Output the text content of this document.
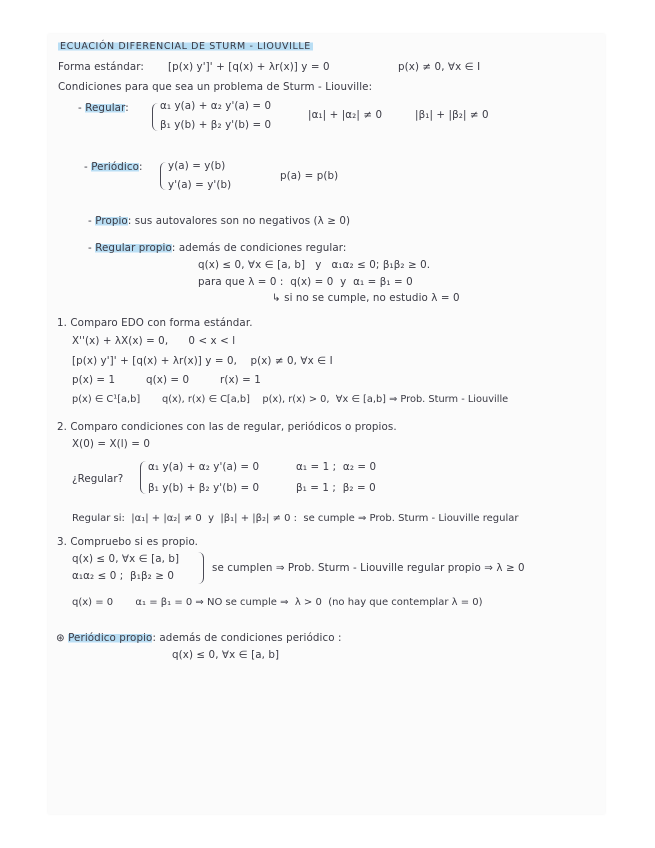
ECUACIÓN DIFERENCIAL DE STURM - LIOUVILLE
Forma estándar: [p(x) y']' + [q(x) + λr(x)] y = 0	p(x) ≠ 0, ∀x ∈ I
Condiciones para que sea un problema de Sturm - Liouville:
- Regular:	α₁ y(a) + α₂ y'(a) = 0
β₁ y(b) + β₂ y'(b) = 0
|α₁| + |α₂| ≠ 0	|β₁| + |β₂| ≠ 0
- Periódico: y(a) = y(b)
y'(a) = y'(b)
p(a) = p(b)
- Propio: sus autovalores son no negativos (λ ≥ 0)
- Regular propio: además de condiciones regular:
q(x) ≤ 0, ∀x ∈ [a, b]   y   α₁α₂ ≤ 0; β₁β₂ ≥ 0.
para que λ = 0 :  q(x) = 0  y  α₁ = β₁ = 0
↳ si no se cumple, no estudio λ = 0
1. Comparo EDO con forma estándar.
X''(x) + λX(x) = 0,      0 < x < l
[p(x) y']' + [q(x) + λr(x)] y = 0,    p(x) ≠ 0, ∀x ∈ I
p(x) = 1	q(x) = 0	r(x) = 1
p(x) ∈ C¹[a,b]       q(x), r(x) ∈ C[a,b]    p(x), r(x) > 0,  ∀x ∈ [a,b] ⇒ Prob. Sturm - Liouville
2. Comparo condiciones con las de regular, periódicos o propios.
X(0) = X(l) = 0
¿Regular?
α₁ y(a) + α₂ y'(a) = 0
β₁ y(b) + β₂ y'(b) = 0
α₁ = 1 ;  α₂ = 0
β₁ = 1 ;  β₂ = 0
Regular si:  |α₁| + |α₂| ≠ 0  y  |β₁| + |β₂| ≠ 0 :  se cumple ⇒ Prob. Sturm - Liouville regular
3. Compruebo si es propio.
q(x) ≤ 0, ∀x ∈ [a, b]
α₁α₂ ≤ 0 ;  β₁β₂ ≥ 0
se cumplen ⇒ Prob. Sturm - Liouville regular propio ⇒ λ ≥ 0
q(x) = 0       α₁ = β₁ = 0 ⇒ NO se cumple ⇒  λ > 0  (no hay que contemplar λ = 0)
⊛ Periódico propio: además de condiciones periódico :
q(x) ≤ 0, ∀x ∈ [a, b]
